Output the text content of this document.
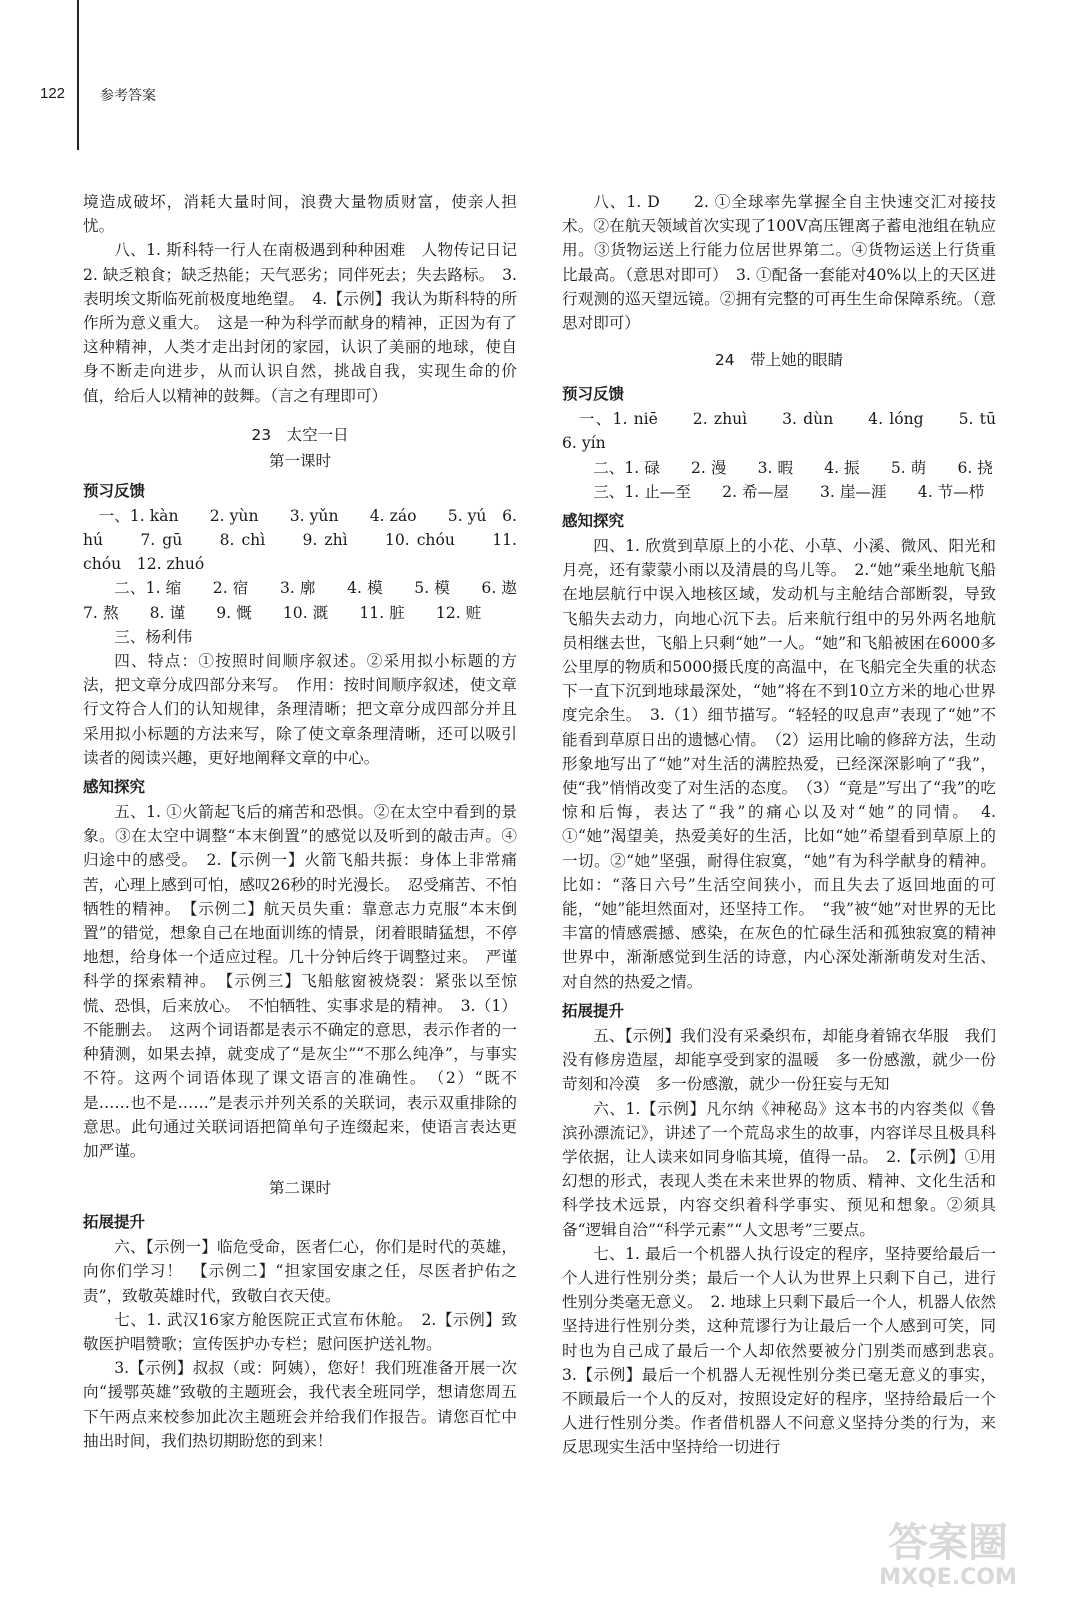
122 参考答案

境造成破坏，消耗大量时间，浪费大量物质财富，使亲人担忧。

八、1. 斯科特一行人在南极遇到种种困难　人物传记日记　2. 缺乏粮食；缺乏热能；天气恶劣；同伴死去；失去路标。　3. 表明埃文斯临死前极度地绝望。　4.【示例】我认为斯科特的所作所为意义重大。　这是一种为科学而献身的精神，正因为有了这种精神，人类才走出封闭的家园，认识了美丽的地球，使自身不断走向进步，从而认识自然，挑战自我，实现生命的价值，给后人以精神的鼓舞。（言之有理即可）

23　太空一日

第一课时

预习反馈

　一、1. kàn　　2. yùn　　3. yǔn　　4. záo　　5. yú　6. hú　　7. gū　　8. chì　　9. zhì　　10. chóu　　11. chóu　12. zhuó

二、1. 缩　　2. 宿　　3. 廓　　4. 模　　5. 模　　6. 遨　7. 熬　　8. 谨　　9. 慨　　10. 溉　　11. 脏　　12. 赃

三、杨利伟

四、特点：①按照时间顺序叙述。②采用拟小标题的方法，把文章分成四部分来写。　作用：按时间顺序叙述，使文章行文符合人们的认知规律，条理清晰；把文章分成四部分并且采用拟小标题的方法来写，除了使文章条理清晰，还可以吸引读者的阅读兴趣，更好地阐释文章的中心。

感知探究

五、1. ①火箭起飞后的痛苦和恐惧。②在太空中看到的景象。③在太空中调整“本末倒置”的感觉以及听到的敲击声。④归途中的感受。　2.【示例一】火箭飞船共振：身体上非常痛苦，心理上感到可怕，感叹26秒的时光漫长。　忍受痛苦、不怕牺牲的精神。　【示例二】航天员失重：靠意志力克服“本末倒置”的错觉，想象自己在地面训练的情景，闭着眼睛猛想，不停地想，给身体一个适应过程。几十分钟后终于调整过来。　严谨科学的探索精神。　【示例三】飞船舷窗被烧裂：紧张以至惊慌、恐惧，后来放心。　不怕牺牲、实事求是的精神。　3.（1）不能删去。　这两个词语都是表示不确定的意思，表示作者的一种猜测，如果去掉，就变成了“是灰尘”“不那么纯净”，与事实不符。这两个词语体现了课文语言的准确性。　（2）“既不是……也不是……”是表示并列关系的关联词，表示双重排除的意思。此句通过关联词语把简单句子连缀起来，使语言表达更加严谨。

第二课时

拓展提升

六、【示例一】临危受命，医者仁心，你们是时代的英雄，向你们学习！　【示例二】“担家国安康之任，尽医者护佑之责”，致敬英雄时代，致敬白衣天使。

七、1. 武汉16家方舱医院正式宣布休舱。　2.【示例】致敬医护唱赞歌；宣传医护办专栏；慰问医护送礼物。

3.【示例】叔叔（或：阿姨），您好！我们班准备开展一次向“援鄂英雄”致敬的主题班会，我代表全班同学，想请您周五下午两点来校参加此次主题班会并给我们作报告。请您百忙中抽出时间，我们热切期盼您的到来！

八、1. D　　2. ①全球率先掌握全自主快速交汇对接技术。②在航天领域首次实现了100V高压锂离子蓄电池组在轨应用。③货物运送上行能力位居世界第二。④货物运送上行货重比最高。（意思对即可）　3. ①配备一套能对40%以上的天区进行观测的巡天望远镜。②拥有完整的可再生生命保障系统。（意思对即可）

24　带上她的眼睛

预习反馈

　一、1. niē　　2. zhuì　　3. dùn　　4. lóng　　5. tū　6. yín

二、1. 碌　　2. 漫　　3. 暇　　4. 振　　5. 萌　　6. 挠

三、1. 止—至　　2. 希—屋　　3. 崖—涯　　4. 节—栉

感知探究

四、1. 欣赏到草原上的小花、小草、小溪、微风、阳光和月亮，还有蒙蒙小雨以及清晨的鸟儿等。　2.“她”乘坐地航飞船在地层航行中误入地核区域，发动机与主舱结合部断裂，导致飞船失去动力，向地心沉下去。后来航行组中的另外两名地航员相继去世，飞船上只剩“她”一人。“她”和飞船被困在6000多公里厚的物质和5000摄氏度的高温中，在飞船完全失重的状态下一直下沉到地球最深处，“她”将在不到10立方米的地心世界度完余生。　3.（1）细节描写。“轻轻的叹息声”表现了“她”不能看到草原日出的遗憾心情。　（2）运用比喻的修辞方法，生动形象地写出了“她”对生活的满腔热爱，已经深深影响了“我”，使“我”悄悄改变了对生活的态度。　（3）“竟是”写出了“我”的吃惊和后悔，表达了“我”的痛心以及对“她”的同情。　4. ①“她”渴望美，热爱美好的生活，比如“她”希望看到草原上的一切。②“她”坚强，耐得住寂寞，“她”有为科学献身的精神。比如：“落日六号”生活空间狭小，而且失去了返回地面的可能，“她”能坦然面对，还坚持工作。　“我”被“她”对世界的无比丰富的情感震撼、感染，在灰色的忙碌生活和孤独寂寞的精神世界中，渐渐感觉到生活的诗意，内心深处渐渐萌发对生活、对自然的热爱之情。

拓展提升

五、【示例】我们没有采桑织布，却能身着锦衣华服　我们没有修房造屋，却能享受到家的温暖　多一份感激，就少一份苛刻和冷漠　多一份感激，就少一份狂妄与无知

六、1.【示例】凡尔纳《神秘岛》这本书的内容类似《鲁滨孙漂流记》，讲述了一个荒岛求生的故事，内容详尽且极具科学依据，让人读来如同身临其境，值得一品。　2.【示例】①用幻想的形式，表现人类在未来世界的物质、精神、文化生活和科学技术远景，内容交织着科学事实、预见和想象。②须具备“逻辑自洽”“科学元素”“人文思考”三要点。

七、1. 最后一个机器人执行设定的程序，坚持要给最后一个人进行性别分类；最后一个人认为世界上只剩下自己，进行性别分类毫无意义。　2. 地球上只剩下最后一个人，机器人依然坚持进行性别分类，这种荒谬行为让最后一个人感到可笑，同时也为自己成了最后一个人却依然要被分门别类而感到悲哀。　3.【示例】最后一个机器人无视性别分类已毫无意义的事实，不顾最后一个人的反对，按照设定好的程序，坚持给最后一个人进行性别分类。作者借机器人不问意义坚持分类的行为，来反思现实生活中坚持给一切进行

答案圈
MXQE.COM
